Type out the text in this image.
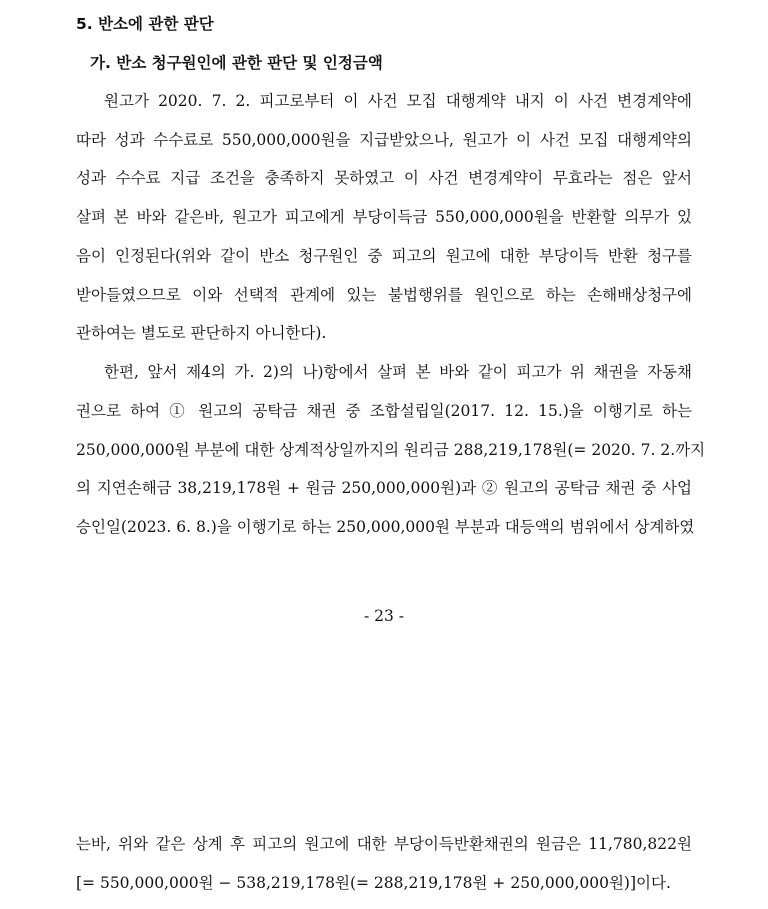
5. 반소에 관한 판단
가. 반소 청구원인에 관한 판단 및 인정금액
원고가 2020. 7. 2. 피고로부터 이 사건 모집 대행계약 내지 이 사건 변경계약에
따라 성과 수수료로 550,000,000원을 지급받았으나, 원고가 이 사건 모집 대행계약의
성과 수수료 지급 조건을 충족하지 못하였고 이 사건 변경계약이 무효라는 점은 앞서
살펴 본 바와 같은바, 원고가 피고에게 부당이득금 550,000,000원을 반환할 의무가 있
음이 인정된다(위와 같이 반소 청구원인 중 피고의 원고에 대한 부당이득 반환 청구를
받아들였으므로 이와 선택적 관계에 있는 불법행위를 원인으로 하는 손해배상청구에
관하여는 별도로 판단하지 아니한다).
한편, 앞서 제4의 가. 2)의 나)항에서 살펴 본 바와 같이 피고가 위 채권을 자동채
권으로 하여 ① 원고의 공탁금 채권 중 조합설립일(2017. 12. 15.)을 이행기로 하는
250,000,000원 부분에 대한 상계적상일까지의 원리금 288,219,178원(= 2020. 7. 2.까지
의 지연손해금 38,219,178원 + 원금 250,000,000원)과 ② 원고의 공탁금 채권 중 사업
승인일(2023. 6. 8.)을 이행기로 하는 250,000,000원 부분과 대등액의 범위에서 상계하였
- 23 -
는바, 위와 같은 상계 후 피고의 원고에 대한 부당이득반환채권의 원금은 11,780,822원
[= 550,000,000원 − 538,219,178원(= 288,219,178원 + 250,000,000원)]이다.
